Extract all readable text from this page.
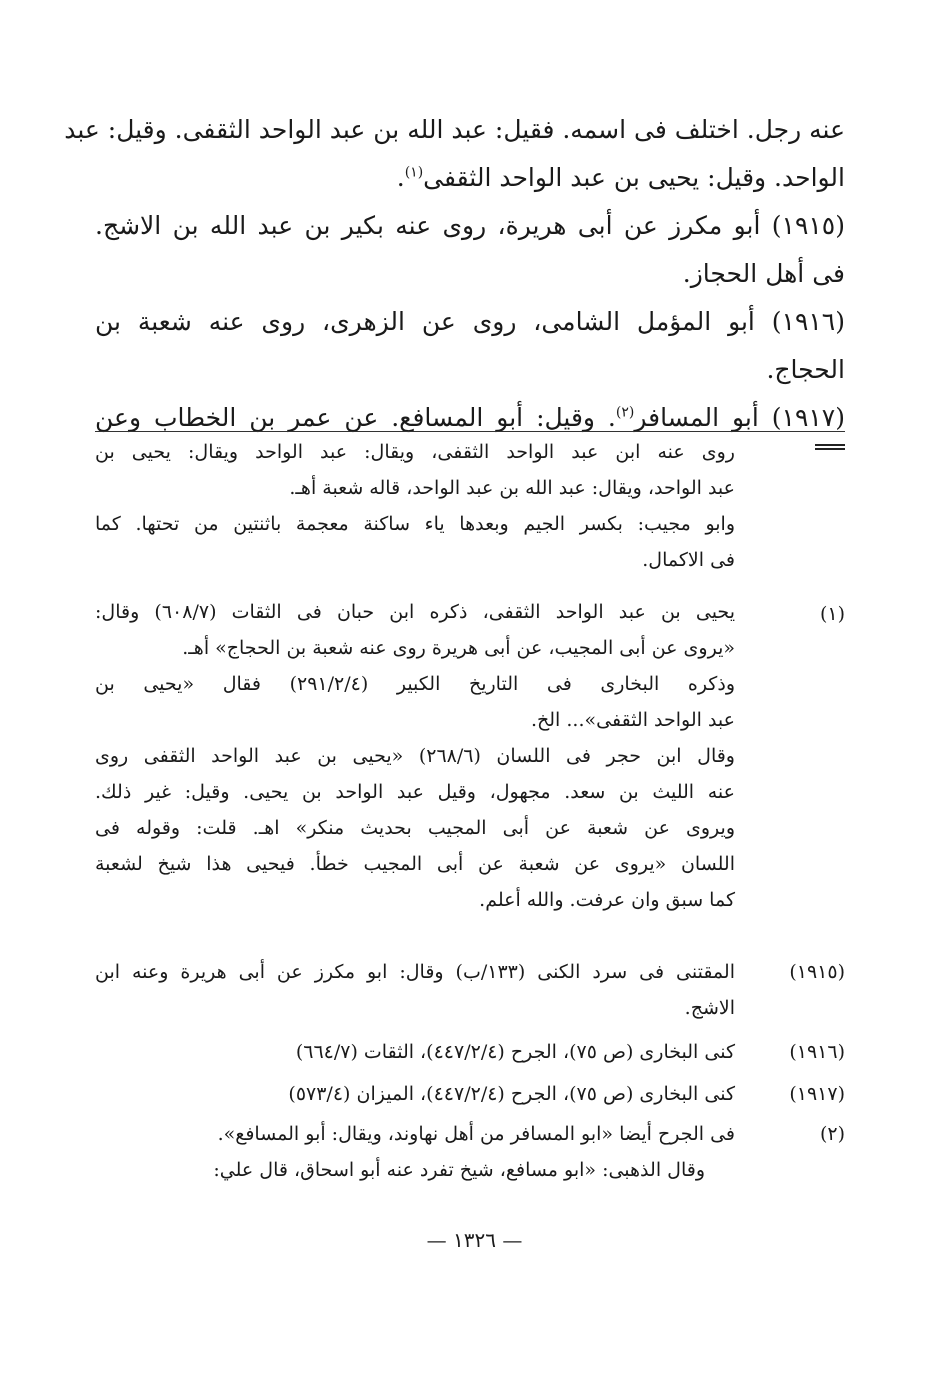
عنه رجل. اختلف فى اسمه. فقيل: عبد الله بن عبد الواحد الثقفى. وقيل: عبد
الواحد. وقيل: يحيى بن عبد الواحد الثقفى$^{(١)}$.
(١٩١٥) أبو مكرز عن أبى هريرة، روى عنه بكير بن عبد الله بن الاشج.
فى أهل الحجاز.
(١٩١٦) أبو المؤمل الشامى، روى عن الزهرى، روى عنه شعبة بن
الحجاج.
(١٩١٧) أبو المسافر$^{(٢)}$. وقيل: أبو المسافع. عن عمر بن الخطاب وعن
روى عنه ابن عبد الواحد الثقفى، ويقال: عبد الواحد ويقال: يحيى بن
عبد الواحد، ويقال: عبد الله بن عبد الواحد، قاله شعبة أهـ.
وابو مجيب: بكسر الجيم وبعدها ياء ساكنة معجمة باثنتين من تحتها. كما
فى الاكمال.
(١)
يحيى بن عبد الواحد الثقفى، ذكره ابن حبان فى الثقات (٦٠٨/٧) وقال:
«يروى عن أبى المجيب، عن أبى هريرة روى عنه شعبة بن الحجاج» أهـ.
وذكره البخارى فى التاريخ الكبير (٢٩١/٢/٤) فقال «يحيى بن
عبد الواحد الثقفى»... الخ.
وقال ابن حجر فى اللسان (٢٦٨/٦) «يحيى بن عبد الواحد الثقفى روى
عنه الليث بن سعد. مجهول، وقيل عبد الواحد بن يحيى. وقيل: غير ذلك.
ويروى عن شعبة عن أبى المجيب بحديث منكر» اهـ. قلت: وقوله فى
اللسان «يروى عن شعبة عن أبى المجيب خطأ. فيحيى هذا شيخ لشعبة
كما سبق وان عرفت. والله أعلم.
(١٩١٥)
المقتنى فى سرد الكنى (١٣٣/ب) وقال: ابو مكرز عن أبى هريرة وعنه ابن
الاشج.
(١٩١٦)
كنى البخارى (ص ٧٥)، الجرح (٤٤٧/٢/٤)، الثقات (٦٦٤/٧)
(١٩١٧)
كنى البخارى (ص ٧٥)، الجرح (٤٤٧/٢/٤)، الميزان (٥٧٣/٤)
(٢)
فى الجرح أيضا «ابو المسافر من أهل نهاوند، ويقال: أبو المسافع».
وقال الذهبى: «ابو مسافع، شيخ تفرد عنه أبو اسحاق، قال علي:
— ١٣٢٦ —
